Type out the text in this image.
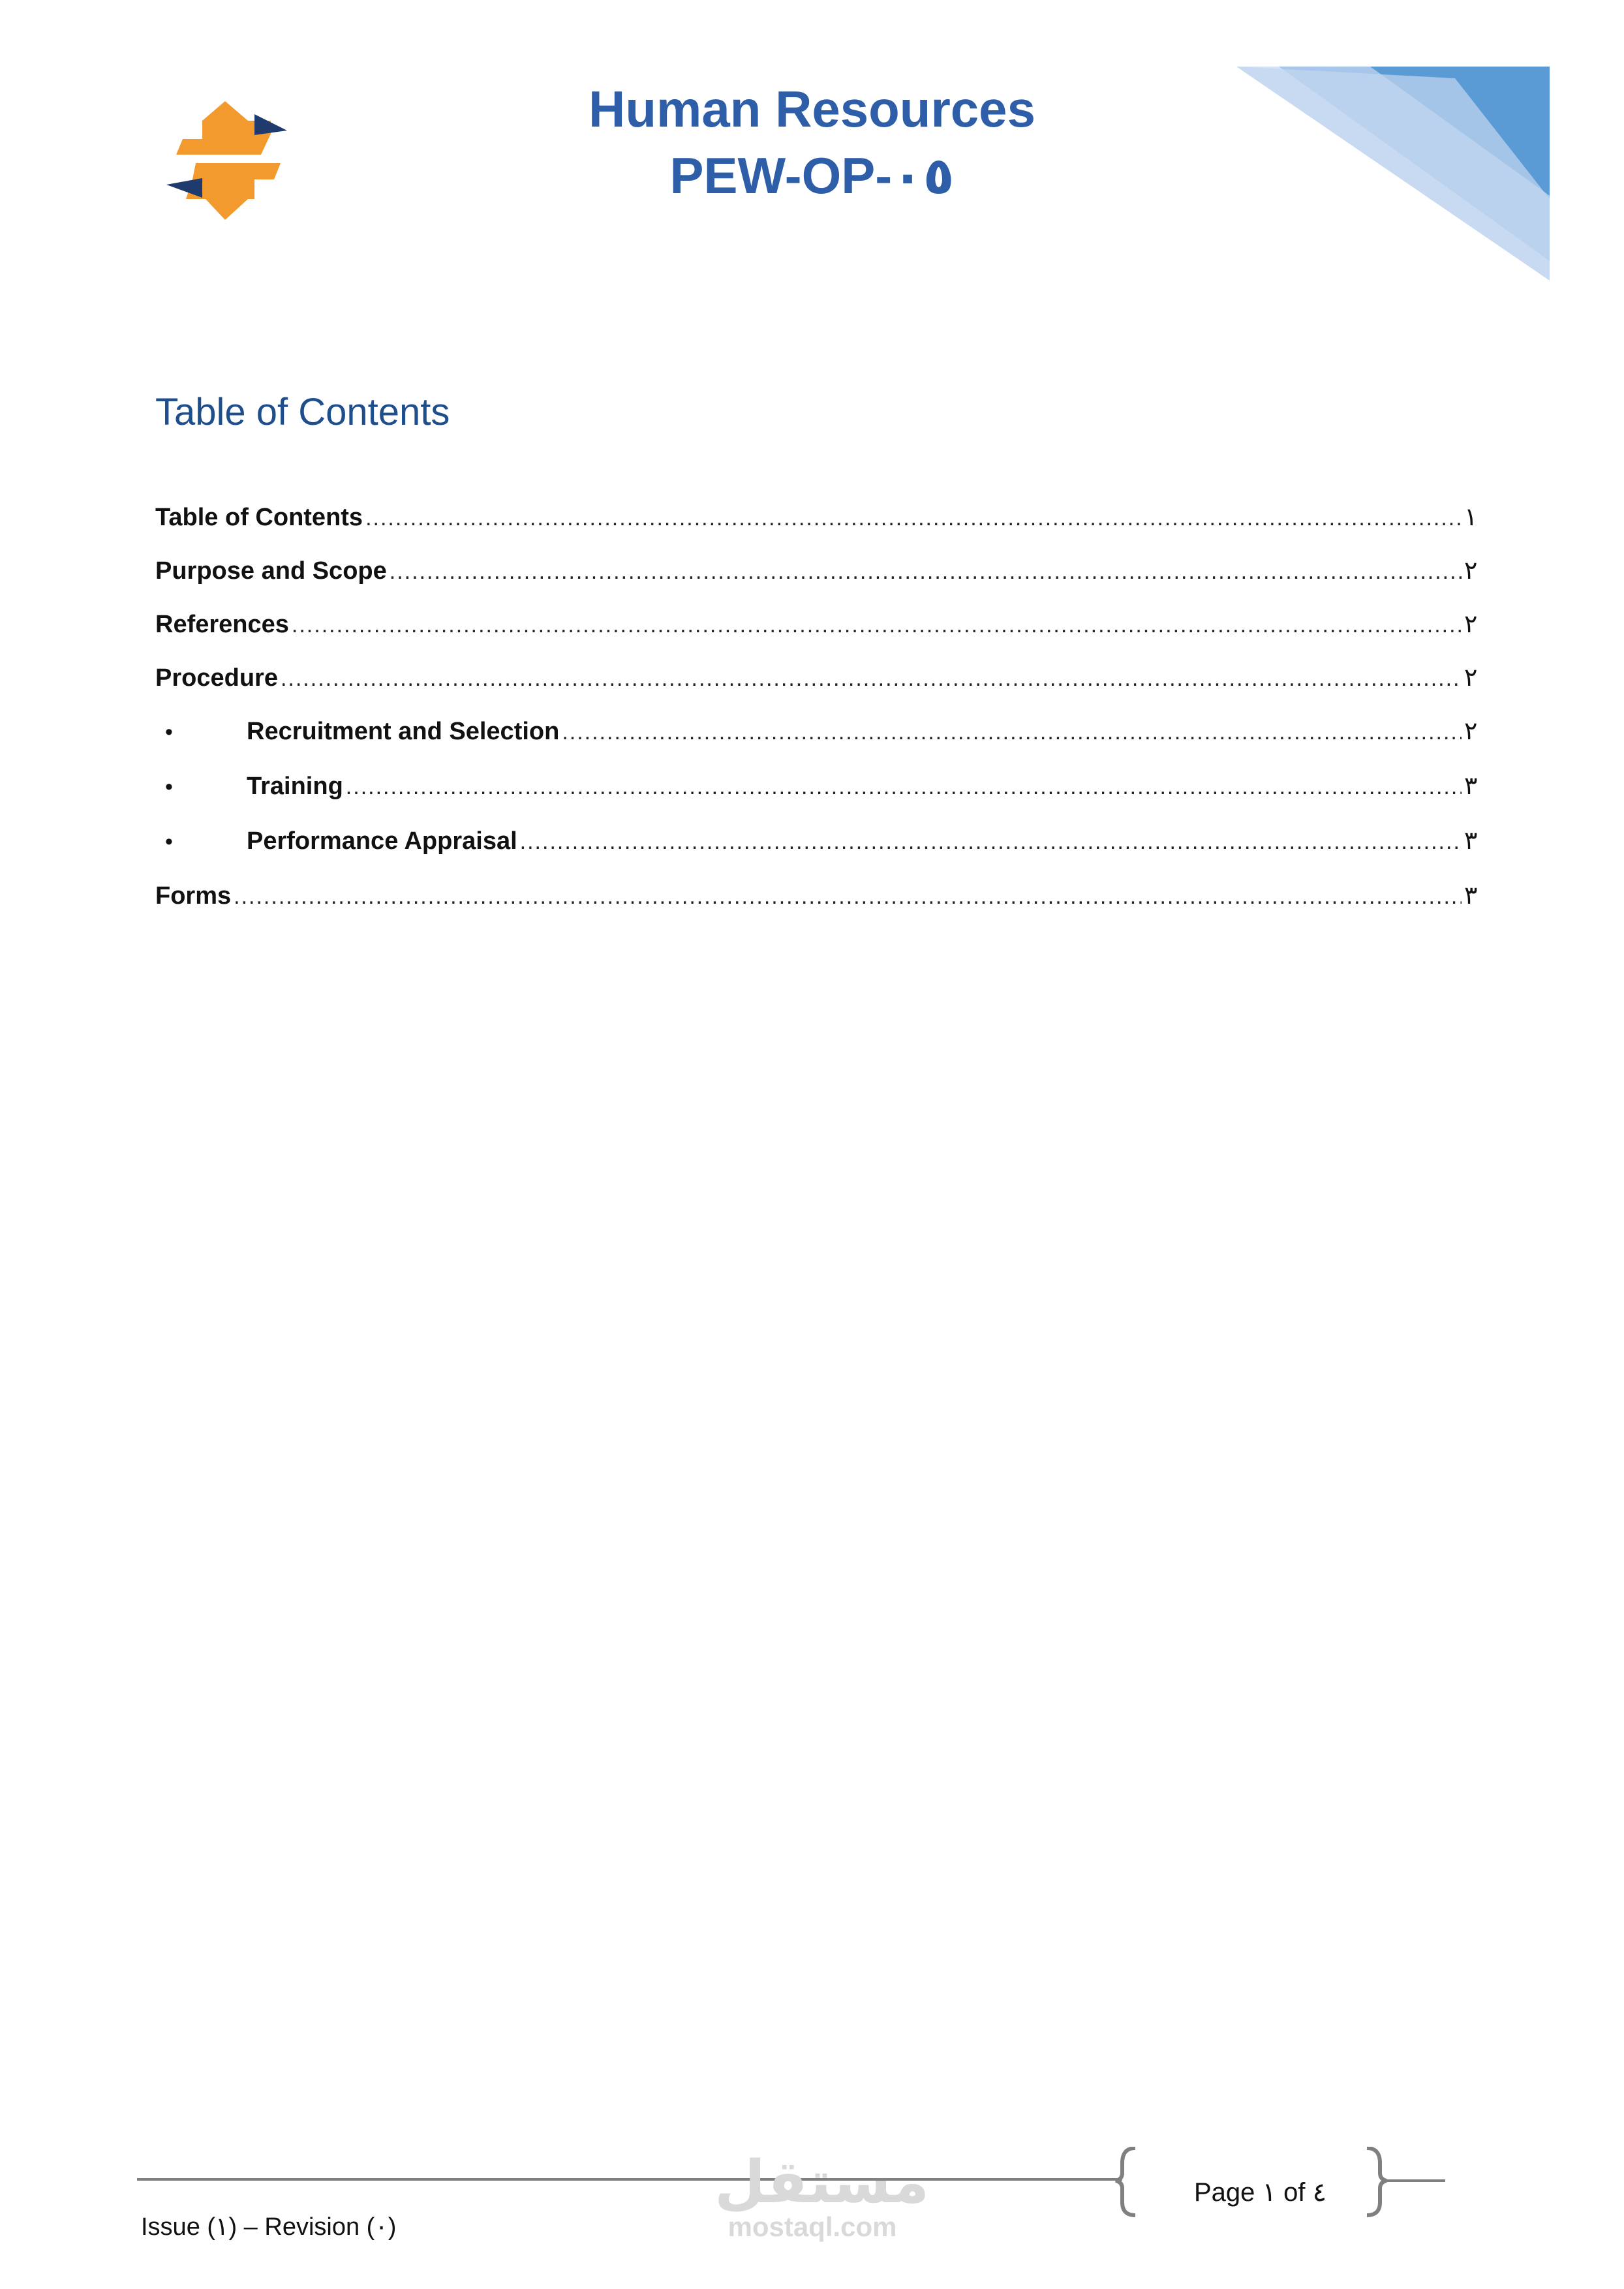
Human Resources
PEW-OP-٠٥
Table of Contents
Table of Contents .....	١
Purpose and Scope .....	٢
References .....	٢
Procedure .....	٢
•	Recruitment and Selection .....	٢
•	Training .....	٣
•	Performance Appraisal .....	٣
Forms .....	٣
مستقل
mostaql.com
Issue (١) – Revision (٠)
Page ١ of ٤
